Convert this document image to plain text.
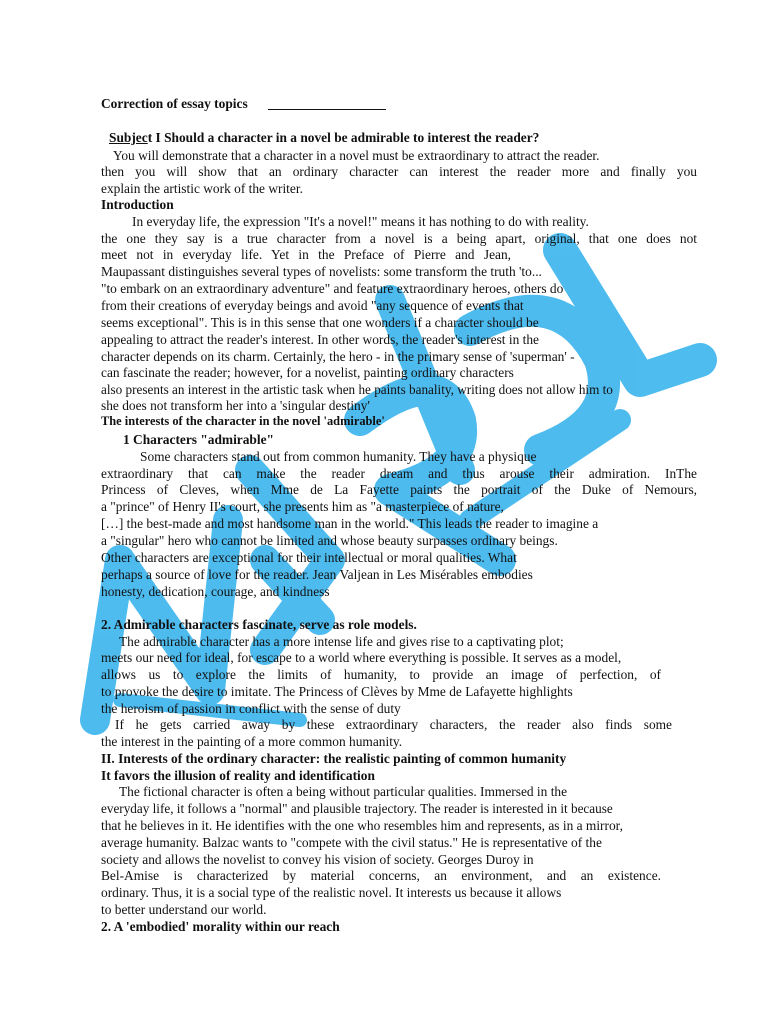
Correction of essay topics
Subject I Should a character in a novel be admirable to interest the reader?
You will demonstrate that a character in a novel must be extraordinary to attract the reader.
then you will show that an ordinary character can interest the reader more and finally you
explain the artistic work of the writer.
Introduction
In everyday life, the expression "It's a novel!" means it has nothing to do with reality.
the one they say is a true character from a novel is a being apart, original, that one does not
meet not in everyday life. Yet in the Preface of Pierre and Jean,
Maupassant distinguishes several types of novelists: some transform the truth 'to...
"to embark on an extraordinary adventure" and feature extraordinary heroes, others do
from their creations of everyday beings and avoid "any sequence of events that
seems exceptional". This is in this sense that one wonders if a character should be
appealing to attract the reader's interest. In other words, the reader's interest in the
character depends on its charm. Certainly, the hero - in the primary sense of 'superman' -
can fascinate the reader; however, for a novelist, painting ordinary characters
also presents an interest in the artistic task when he paints banality, writing does not allow him to
she does not transform her into a 'singular destiny'
The interests of the character in the novel 'admirable'
1 Characters "admirable"
Some characters stand out from common humanity. They have a physique
extraordinary that can make the reader dream and thus arouse their admiration. InThe
Princess of Cleves, when Mme de La Fayette paints the portrait of the Duke of Nemours,
a "prince" of Henry II's court, she presents him as "a masterpiece of nature,
[…] the best-made and most handsome man in the world." This leads the reader to imagine a
a "singular" hero who cannot be limited and whose beauty surpasses ordinary beings.
Other characters are exceptional for their intellectual or moral qualities. What
perhaps a source of love for the reader. Jean Valjean in Les Misérables embodies
honesty, dedication, courage, and kindness
2. Admirable characters fascinate, serve as role models.
The admirable character has a more intense life and gives rise to a captivating plot;
meets our need for ideal, for escape to a world where everything is possible. It serves as a model,
allows us to explore the limits of humanity, to provide an image of perfection, of
to provoke the desire to imitate. The Princess of Clèves by Mme de Lafayette highlights
the heroism of passion in conflict with the sense of duty
If he gets carried away by these extraordinary characters, the reader also finds some
the interest in the painting of a more common humanity.
II. Interests of the ordinary character: the realistic painting of common humanity
It favors the illusion of reality and identification
The fictional character is often a being without particular qualities. Immersed in the
everyday life, it follows a "normal" and plausible trajectory. The reader is interested in it because
that he believes in it. He identifies with the one who resembles him and represents, as in a mirror,
average humanity. Balzac wants to "compete with the civil status." He is representative of the
society and allows the novelist to convey his vision of society. Georges Duroy in
Bel-Amise is characterized by material concerns, an environment, and an existence.
ordinary. Thus, it is a social type of the realistic novel. It interests us because it allows
to better understand our world.
2. A 'embodied' morality within our reach
